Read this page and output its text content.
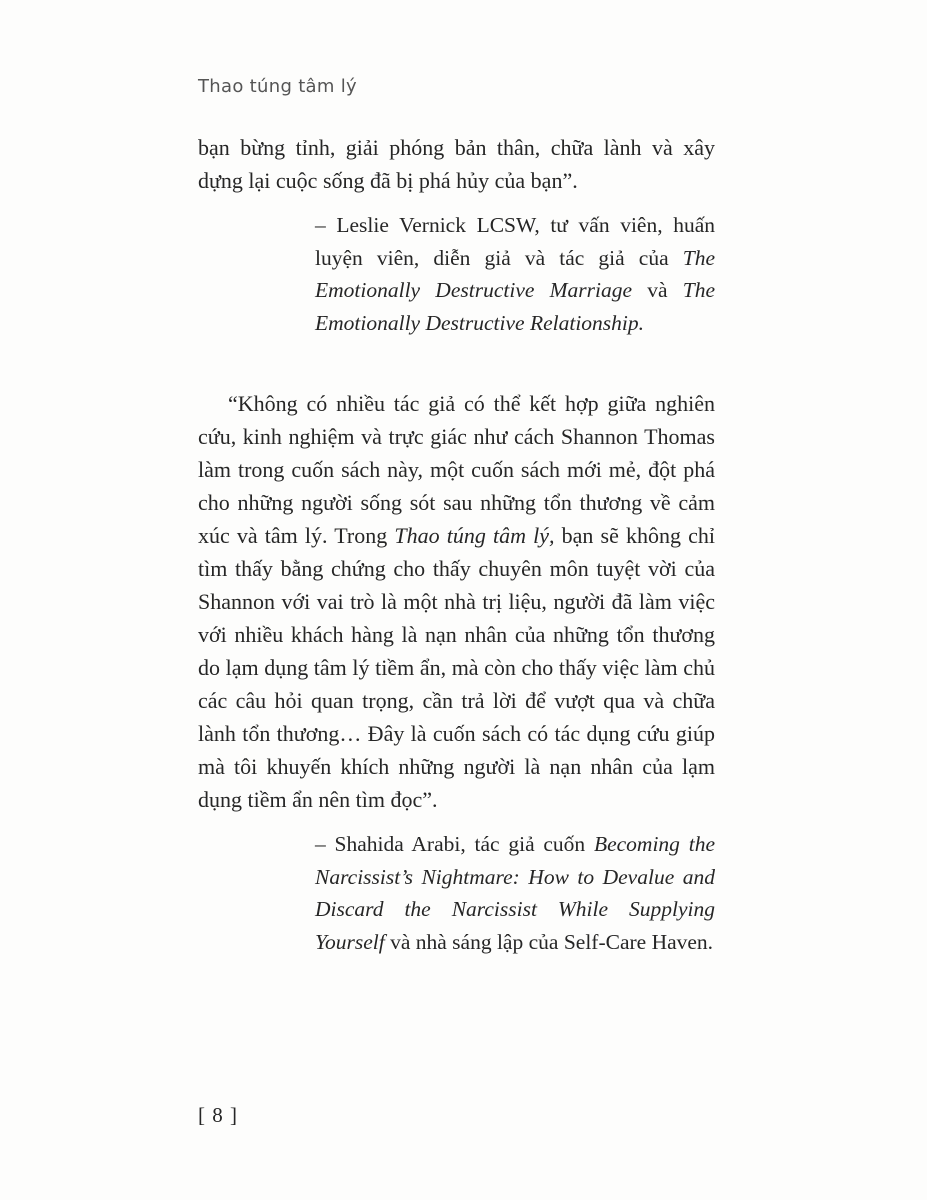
Thao túng tâm lý

bạn bừng tỉnh, giải phóng bản thân, chữa lành và xây dựng lại cuộc sống đã bị phá hủy của bạn”.

– Leslie Vernick LCSW, tư vấn viên, huấn luyện viên, diễn giả và tác giả của The Emotionally Destructive Marriage và The Emotionally Destructive Relationship.

“Không có nhiều tác giả có thể kết hợp giữa nghiên cứu, kinh nghiệm và trực giác như cách Shannon Thomas làm trong cuốn sách này, một cuốn sách mới mẻ, đột phá cho những người sống sót sau những tổn thương về cảm xúc và tâm lý. Trong Thao túng tâm lý, bạn sẽ không chỉ tìm thấy bằng chứng cho thấy chuyên môn tuyệt vời của Shannon với vai trò là một nhà trị liệu, người đã làm việc với nhiều khách hàng là nạn nhân của những tổn thương do lạm dụng tâm lý tiềm ẩn, mà còn cho thấy việc làm chủ các câu hỏi quan trọng, cần trả lời để vượt qua và chữa lành tổn thương… Đây là cuốn sách có tác dụng cứu giúp mà tôi khuyến khích những người là nạn nhân của lạm dụng tiềm ẩn nên tìm đọc”.

– Shahida Arabi, tác giả cuốn Becoming the Narcissist’s Nightmare: How to Devalue and Discard the Narcissist While Supplying Yourself và nhà sáng lập của Self-Care Haven.
[ 8 ]
